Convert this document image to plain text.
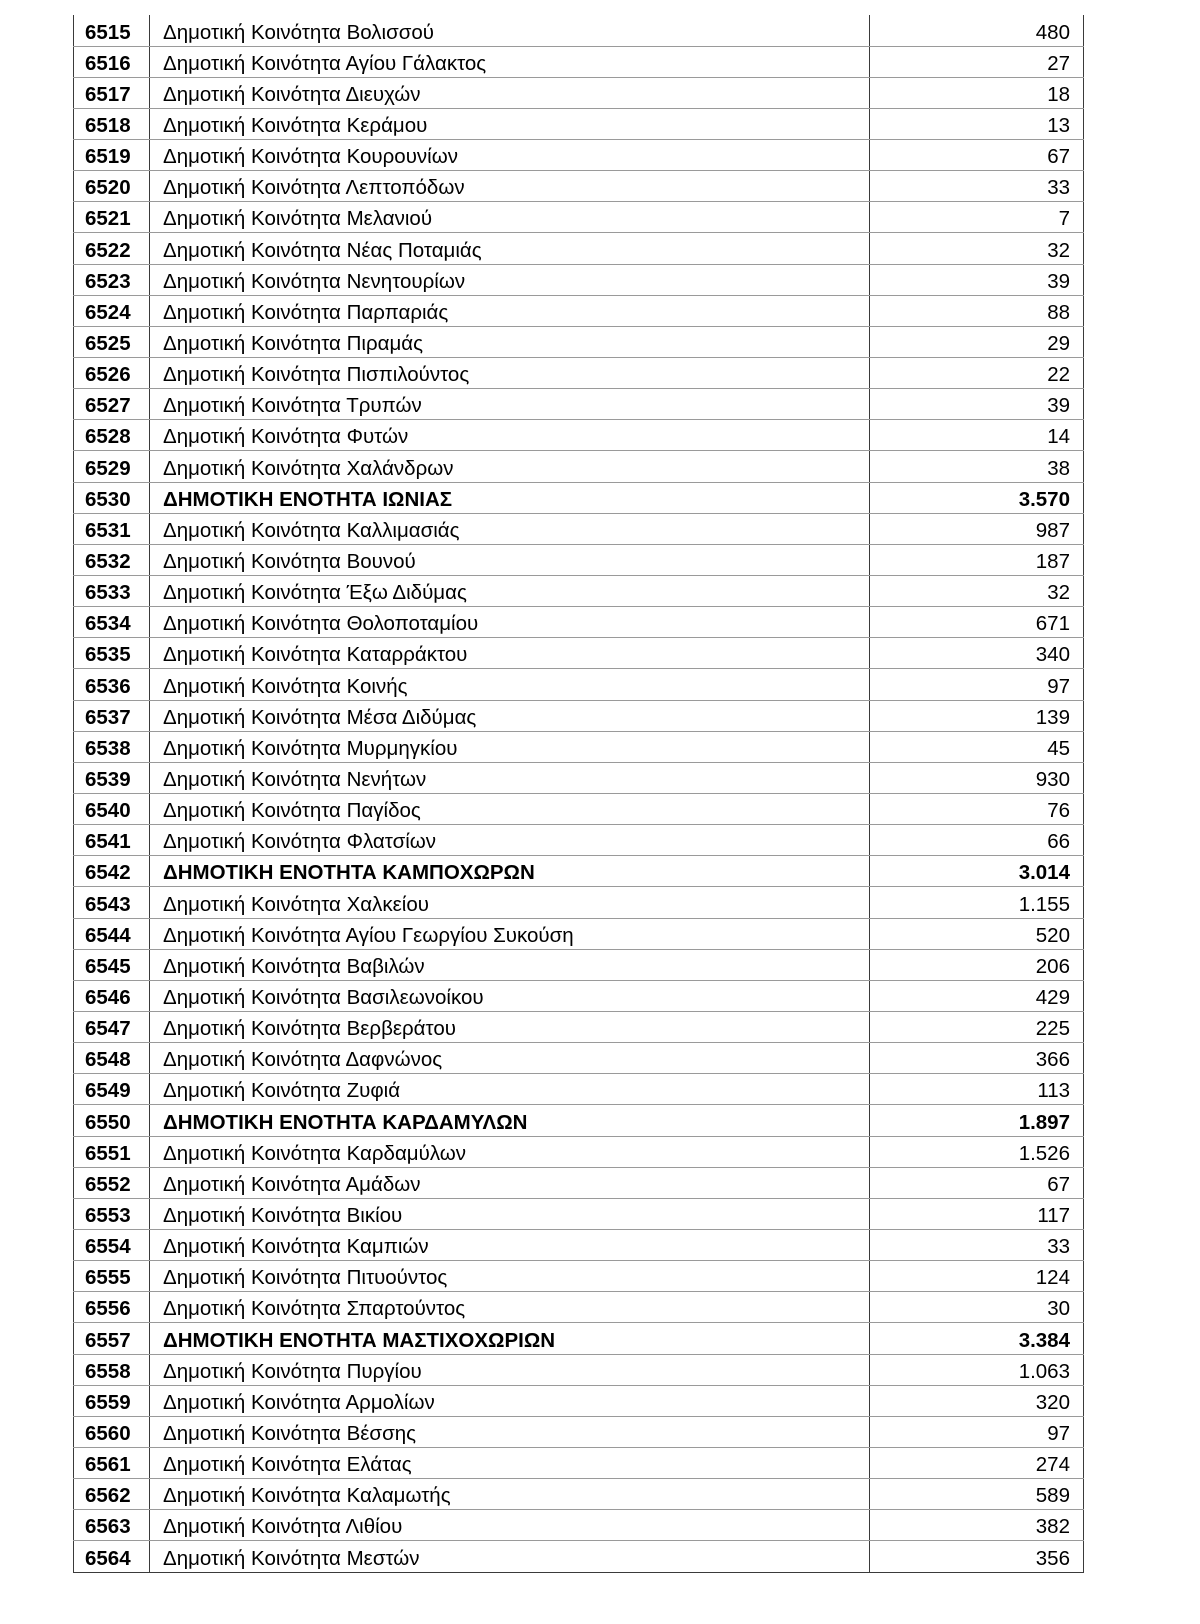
6515	Δημοτική Κοινότητα Βολισσού	480
6516	Δημοτική Κοινότητα Αγίου Γάλακτος	27
6517	Δημοτική Κοινότητα Διευχών	18
6518	Δημοτική Κοινότητα Κεράμου	13
6519	Δημοτική Κοινότητα Κουρουνίων	67
6520	Δημοτική Κοινότητα Λεπτοπόδων	33
6521	Δημοτική Κοινότητα Μελανιού	7
6522	Δημοτική Κοινότητα Νέας Ποταμιάς	32
6523	Δημοτική Κοινότητα Νενητουρίων	39
6524	Δημοτική Κοινότητα Παρπαριάς	88
6525	Δημοτική Κοινότητα Πιραμάς	29
6526	Δημοτική Κοινότητα Πισπιλούντος	22
6527	Δημοτική Κοινότητα Τρυπών	39
6528	Δημοτική Κοινότητα Φυτών	14
6529	Δημοτική Κοινότητα Χαλάνδρων	38
6530	ΔΗΜΟΤΙΚΗ ΕΝΟΤΗΤΑ ΙΩΝΙΑΣ	3.570
6531	Δημοτική Κοινότητα Καλλιμασιάς	987
6532	Δημοτική Κοινότητα Βουνού	187
6533	Δημοτική Κοινότητα Έξω Διδύμας	32
6534	Δημοτική Κοινότητα Θολοποταμίου	671
6535	Δημοτική Κοινότητα Καταρράκτου	340
6536	Δημοτική Κοινότητα Κοινής	97
6537	Δημοτική Κοινότητα Μέσα Διδύμας	139
6538	Δημοτική Κοινότητα Μυρμηγκίου	45
6539	Δημοτική Κοινότητα Νενήτων	930
6540	Δημοτική Κοινότητα Παγίδος	76
6541	Δημοτική Κοινότητα Φλατσίων	66
6542	ΔΗΜΟΤΙΚΗ ΕΝΟΤΗΤΑ ΚΑΜΠΟΧΩΡΩΝ	3.014
6543	Δημοτική Κοινότητα Χαλκείου	1.155
6544	Δημοτική Κοινότητα Αγίου Γεωργίου Συκούση	520
6545	Δημοτική Κοινότητα Βαβιλών	206
6546	Δημοτική Κοινότητα Βασιλεωνοίκου	429
6547	Δημοτική Κοινότητα Βερβεράτου	225
6548	Δημοτική Κοινότητα Δαφνώνος	366
6549	Δημοτική Κοινότητα Ζυφιά	113
6550	ΔΗΜΟΤΙΚΗ ΕΝΟΤΗΤΑ ΚΑΡΔΑΜΥΛΩΝ	1.897
6551	Δημοτική Κοινότητα Καρδαμύλων	1.526
6552	Δημοτική Κοινότητα Αμάδων	67
6553	Δημοτική Κοινότητα Βικίου	117
6554	Δημοτική Κοινότητα Καμπιών	33
6555	Δημοτική Κοινότητα Πιτυούντος	124
6556	Δημοτική Κοινότητα Σπαρτούντος	30
6557	ΔΗΜΟΤΙΚΗ ΕΝΟΤΗΤΑ ΜΑΣΤΙΧΟΧΩΡΙΩΝ	3.384
6558	Δημοτική Κοινότητα Πυργίου	1.063
6559	Δημοτική Κοινότητα Αρμολίων	320
6560	Δημοτική Κοινότητα Βέσσης	97
6561	Δημοτική Κοινότητα Ελάτας	274
6562	Δημοτική Κοινότητα Καλαμωτής	589
6563	Δημοτική Κοινότητα Λιθίου	382
6564	Δημοτική Κοινότητα Μεστών	356
